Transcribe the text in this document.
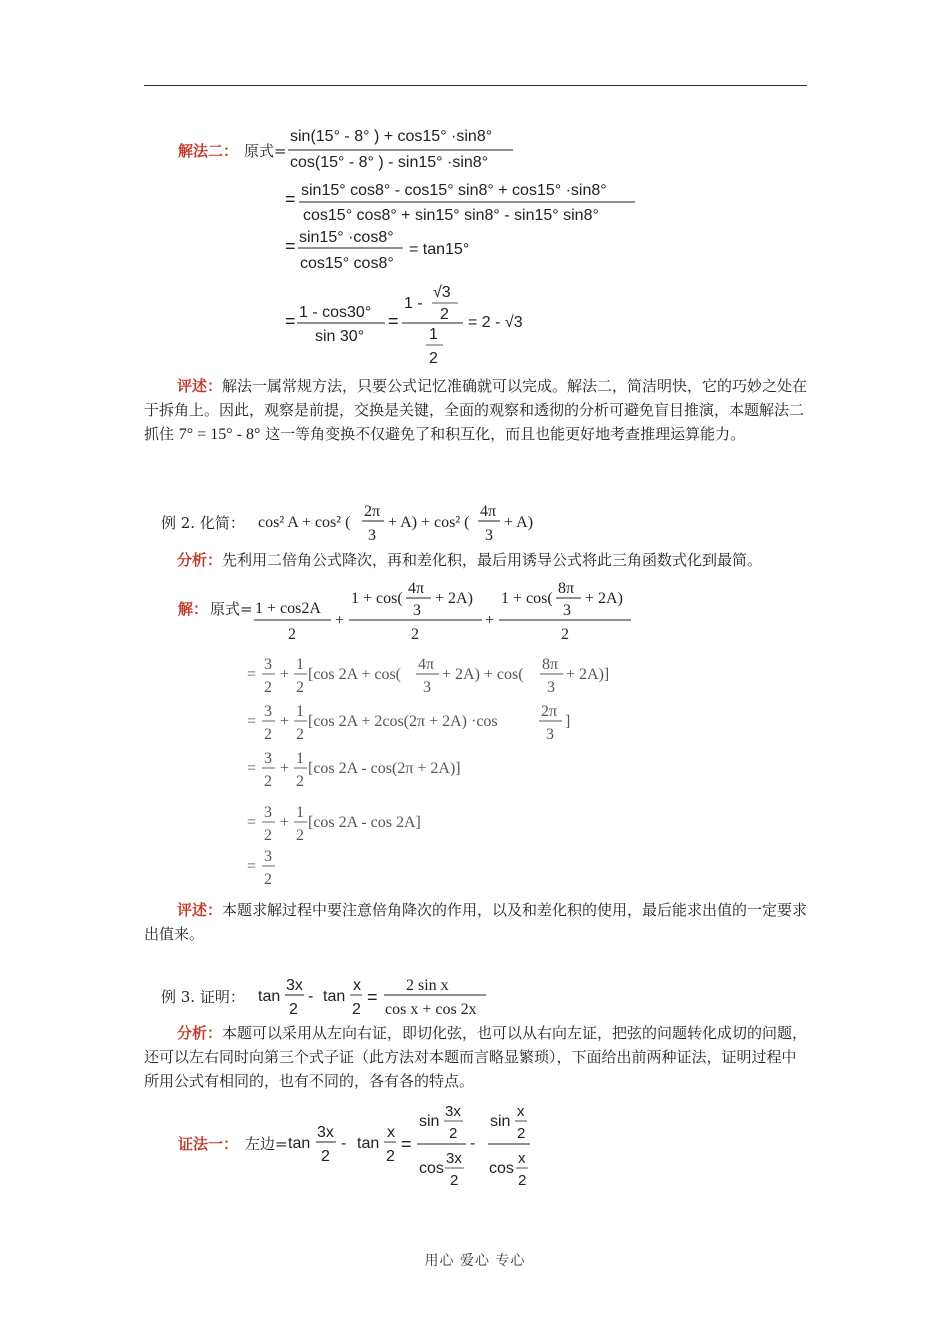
解法二： 原式=
sin(15° - 8° ) + cos15° ·sin8°
cos(15° - 8° ) - sin15° ·sin8°
= sin15° cos8° - cos15° sin8° + cos15° ·sin8°
cos15° cos8° + sin15° sin8° - sin15° sin8°
= sin15° ·cos8°
cos15° cos8°
= tan15°
= 1 - cos30°
sin 30°
=
1 -
√3
2
1
2
= 2 - √3
评述：解法一属常规方法，只要公式记忆准确就可以完成。解法二，简洁明快，它的巧妙之处在于拆角上。因此，观察是前提，交换是关键，全面的观察和透彻的分析可避免盲目推演，本题解法二抓住 7° = 15° - 8° 这一等角变换不仅避免了和积互化，而且也能更好地考查推理运算能力。
例 2. 化简： cos² A + cos² (
2π
3
+ A) + cos² (
4π
3
+ A)
分析：先利用二倍角公式降次，再和差化积，最后用诱导公式将此三角函数式化到最简。
解： 原式= 1 + cos2A
2
+
1 + cos(
4π
3
+ 2A)
2
+
1 + cos(
8π
3
+ 2A)
2
=
3
2
+
1
2
[cos 2A + cos(
4π
3
+ 2A) + cos(
8π
3
+ 2A)]
=
3
2
+
1
2
[cos 2A + 2cos(2π + 2A) ·cos
2π
3
]
=
3
2
+
1
2
[cos 2A - cos(2π + 2A)]
=
3
2
+
1
2
[cos 2A - cos 2A]
=
3
2
评述：本题求解过程中要注意倍角降次的作用，以及和差化积的使用，最后能求出值的一定要求出值来。
例 3. 证明： tan
3x
2
- tan
x
2
=
2 sin x
cos x + cos 2x
分析：本题可以采用从左向右证，即切化弦，也可以从右向左证，把弦的问题转化成切的问题，还可以左右同时向第三个式子证（此方法对本题而言略显繁琐），下面给出前两种证法，证明过程中所用公式有相同的，也有不同的，各有各的特点。
证法一： 左边= tan
3x
2
- tan
x
2
=
sin
3x
2
cos
3x
2
-
sin
x
2
cos
x
2
用心 爱心 专心
